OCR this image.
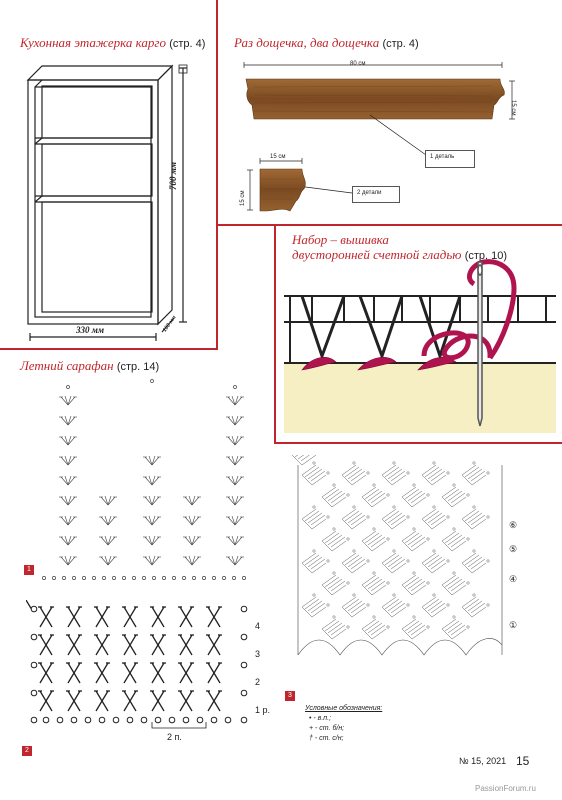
Кухонная этажерка карго (стр. 4)
700 мм
330 мм	100 мм
Раз дощечка, два дощечка (стр. 4)
80 см
15 см
15 см
15 см
1 деталь
2 детали
Набор – вышивка
двусторонней счетной гладью (стр. 10)
Летний сарафан (стр. 14)
1
4
3
2
1 р.
2 п.
2
⑥
⑤
④
①
3
Условные обозначения:
• - в.п.;
+ - ст. б/н;
† - ст. с/н;
№ 15, 2021 15
PassionForum.ru
